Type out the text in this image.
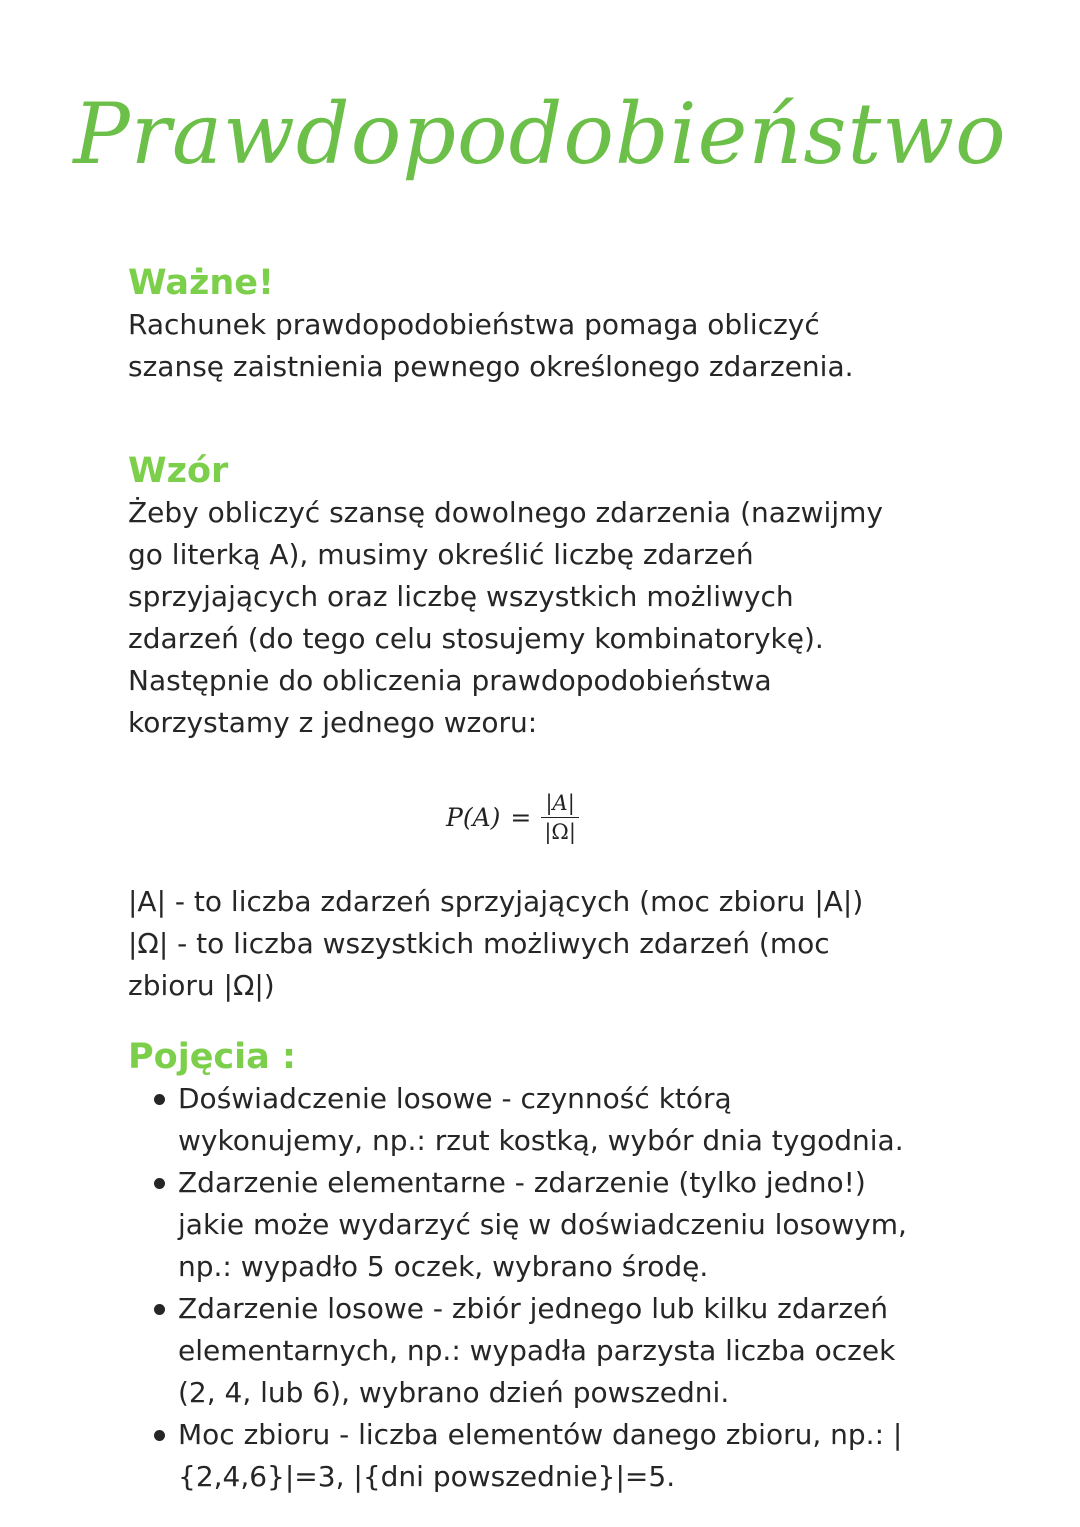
Prawdopodobieństwo
Ważne!

Rachunek prawdopodobieństwa pomaga obliczyć
szansę zaistnienia pewnego określonego zdarzenia.

Wzór

Żeby obliczyć szansę dowolnego zdarzenia (nazwijmy
go literką A), musimy określić liczbę zdarzeń
sprzyjających oraz liczbę wszystkich możliwych
zdarzeń (do tego celu stosujemy kombinatorykę).
Następnie do obliczenia prawdopodobieństwa
korzystamy z jednego wzoru:

$P(A) = \frac{|A|}{|\Omega|}$

|A| - to liczba zdarzeń sprzyjających (moc zbioru |A|)

|Ω| - to liczba wszystkich możliwych zdarzeń (moc
zbioru |Ω|)

Pojęcia :
Doświadczenie losowe - czynność którą
wykonujemy, np.: rzut kostką, wybór dnia tygodnia.
Zdarzenie elementarne - zdarzenie (tylko jedno!)
jakie może wydarzyć się w doświadczeniu losowym,
np.: wypadło 5 oczek, wybrano środę.
Zdarzenie losowe - zbiór jednego lub kilku zdarzeń
elementarnych, np.: wypadła parzysta liczba oczek
(2, 4, lub 6), wybrano dzień powszedni.
Moc zbioru - liczba elementów danego zbioru, np.: |
{2,4,6}|=3, |{dni powszednie}|=5.
